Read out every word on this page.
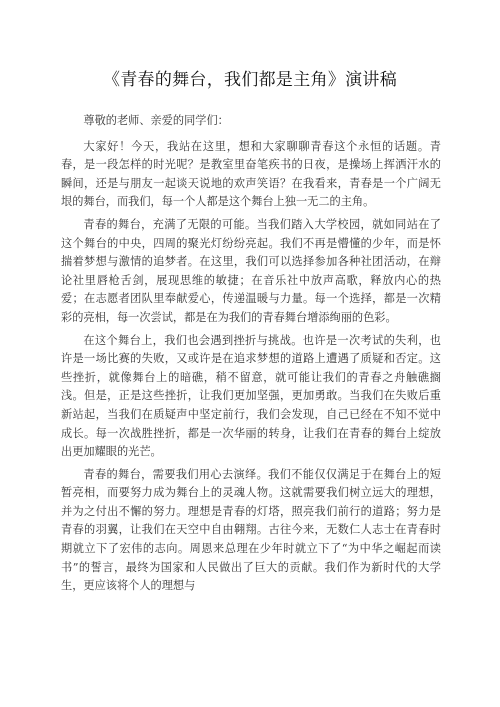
《青春的舞台，我们都是主角》演讲稿

尊敬的老师、亲爱的同学们：

大家好！今天，我站在这里，想和大家聊聊青春这个永恒的话题。青春，是一段怎样的时光呢？是教室里奋笔疾书的日夜，是操场上挥洒汗水的瞬间，还是与朋友一起谈天说地的欢声笑语？在我看来，青春是一个广阔无垠的舞台，而我们，每一个人都是这个舞台上独一无二的主角。

青春的舞台，充满了无限的可能。当我们踏入大学校园，就如同站在了这个舞台的中央，四周的聚光灯纷纷亮起。我们不再是懵懂的少年，而是怀揣着梦想与激情的追梦者。在这里，我们可以选择参加各种社团活动，在辩论社里唇枪舌剑，展现思维的敏捷；在音乐社中放声高歌，释放内心的热爱；在志愿者团队里奉献爱心，传递温暖与力量。每一个选择，都是一次精彩的亮相，每一次尝试，都是在为我们的青春舞台增添绚丽的色彩。

在这个舞台上，我们也会遇到挫折与挑战。也许是一次考试的失利，也许是一场比赛的失败，又或许是在追求梦想的道路上遭遇了质疑和否定。这些挫折，就像舞台上的暗礁，稍不留意，就可能让我们的青春之舟触礁搁浅。但是，正是这些挫折，让我们更加坚强，更加勇敢。当我们在失败后重新站起，当我们在质疑声中坚定前行，我们会发现，自己已经在不知不觉中成长。每一次战胜挫折，都是一次华丽的转身，让我们在青春的舞台上绽放出更加耀眼的光芒。

青春的舞台，需要我们用心去演绎。我们不能仅仅满足于在舞台上的短暂亮相，而要努力成为舞台上的灵魂人物。这就需要我们树立远大的理想，并为之付出不懈的努力。理想是青春的灯塔，照亮我们前行的道路；努力是青春的羽翼，让我们在天空中自由翱翔。古往今来，无数仁人志士在青春时期就立下了宏伟的志向。周恩来总理在少年时就立下了“为中华之崛起而读书”的誓言，最终为国家和人民做出了巨大的贡献。我们作为新时代的大学生，更应该将个人的理想与
